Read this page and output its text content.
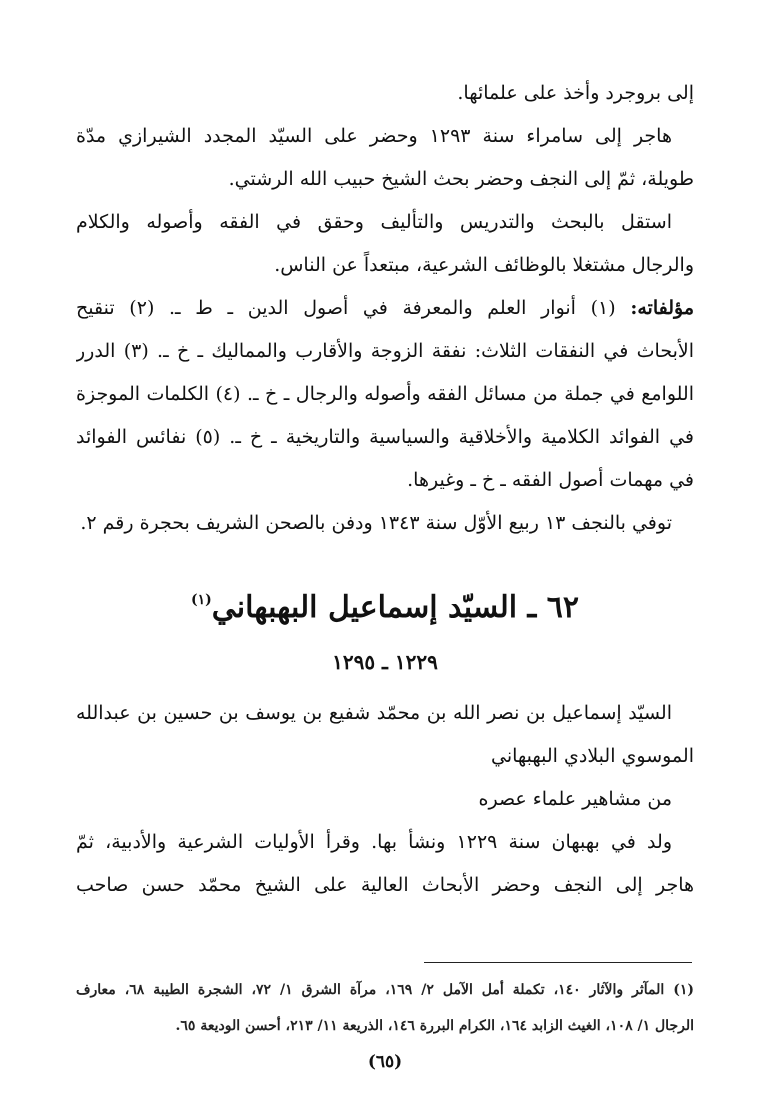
إلى بروجرد وأخذ على علمائها.
هاجر إلى سامراء سنة ١٢٩٣ وحضر على السيّد المجدد الشيرازي مدّة
طويلة، ثمّ إلى النجف وحضر بحث الشيخ حبيب الله الرشتي.
استقل بالبحث والتدريس والتأليف وحقق في الفقه وأصوله والكلام
والرجال مشتغلا بالوظائف الشرعية، مبتعداً عن الناس.
مؤلفاته: (١) أنوار العلم والمعرفة في أصول الدين ـ ط ـ. (٢) تنقيح
الأبحاث في النفقات الثلاث: نفقة الزوجة والأقارب والمماليك ـ خ ـ. (٣) الدرر
اللوامع في جملة من مسائل الفقه وأصوله والرجال ـ خ ـ. (٤) الكلمات الموجزة
في الفوائد الكلامية والأخلاقية والسياسية والتاريخية ـ خ ـ. (٥) نفائس الفوائد
في مهمات أصول الفقه ـ خ ـ وغيرها.
توفي بالنجف ١٣ ربيع الأوّل سنة ١٣٤٣ ودفن بالصحن الشريف بحجرة رقم ٢.
٦٢ ـ السيّد إسماعيل البهبهاني$^{(١)}$
١٢٢٩ ـ ١٢٩٥
السيّد إسماعيل بن نصر الله بن محمّد شفيع بن يوسف بن حسين بن عبدالله
الموسوي البلادي البهبهاني
من مشاهير علماء عصره
ولد في بهبهان سنة ١٢٢٩ ونشأ بها. وقرأ الأوليات الشرعية والأدبية، ثمّ
هاجر إلى النجف وحضر الأبحاث العالية على الشيخ محمّد حسن صاحب
(١) المآثر والآثار ١٤٠، تكملة أمل الآمل ٢/ ١٦٩، مرآة الشرق ١/ ٧٢، الشجرة الطيبة ٦٨، معارف
الرجال ١/ ١٠٨، الغيث الزابد ١٦٤، الكرام البررة ١٤٦، الذريعة ١١/ ٢١٣، أحسن الوديعة ٦٥.
(٦٥)
